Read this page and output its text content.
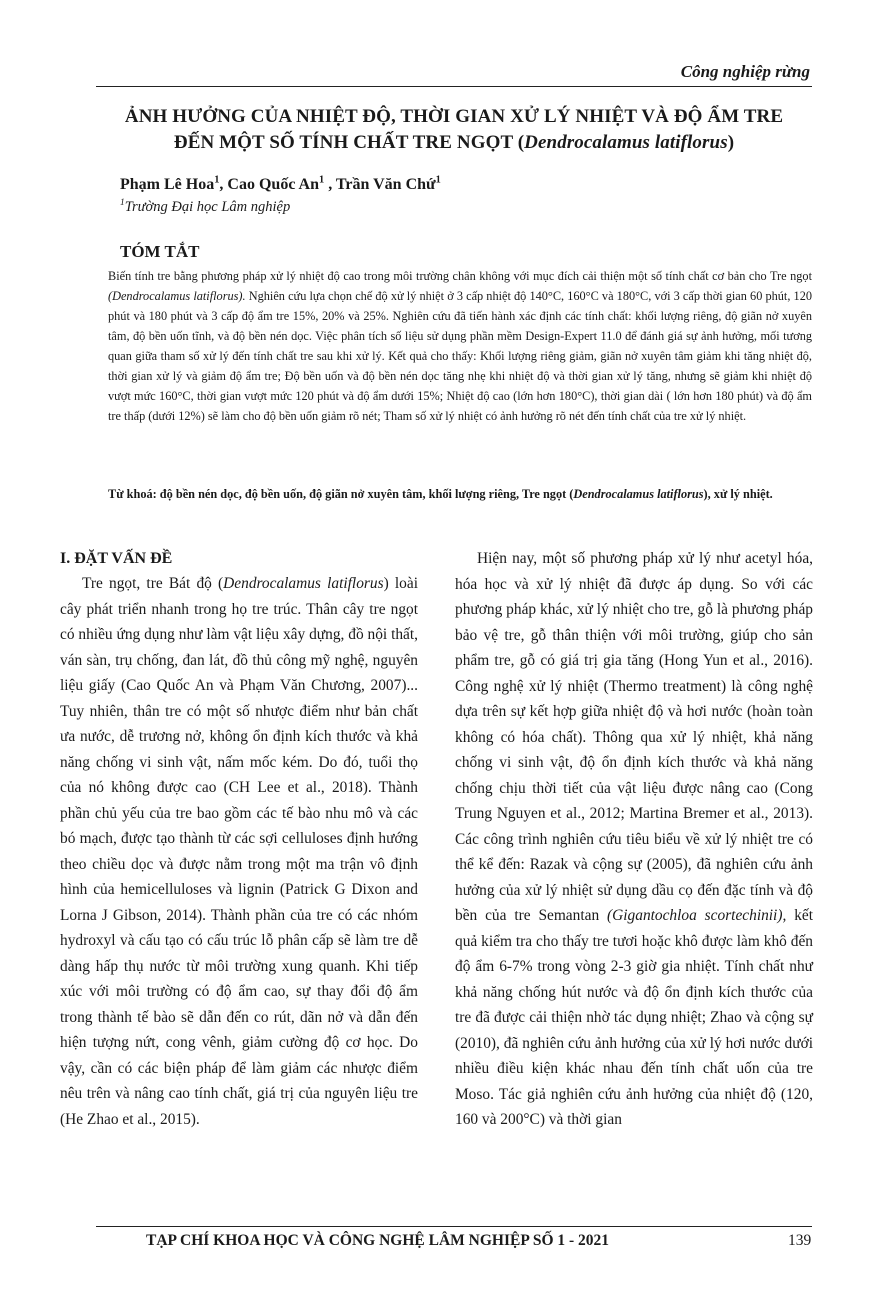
Công nghiệp rừng
ẢNH HƯỞNG CỦA NHIỆT ĐỘ, THỜI GIAN XỬ LÝ NHIỆT VÀ ĐỘ ẨM TRE
ĐẾN MỘT SỐ TÍNH CHẤT TRE NGỌT (Dendrocalamus latiflorus)
Phạm Lê Hoa$^1$, Cao Quốc An$^1$ , Trần Văn Chứ$^1$
$^1$Trường Đại học Lâm nghiệp
TÓM TẮT
Biến tính tre bằng phương pháp xử lý nhiệt độ cao trong môi trường chân không với mục đích cải thiện một số tính chất cơ bản cho Tre ngọt (Dendrocalamus latiflorus). Nghiên cứu lựa chọn chế độ xử lý nhiệt ở 3 cấp nhiệt độ 140°C, 160°C và 180°C, với 3 cấp thời gian 60 phút, 120 phút và 180 phút và 3 cấp độ ẩm tre 15%, 20% và 25%. Nghiên cứu đã tiến hành xác định các tính chất: khối lượng riêng, độ giãn nở xuyên tâm, độ bền uốn tĩnh, và độ bền nén dọc. Việc phân tích số liệu sử dụng phần mềm Design-Expert 11.0 để đánh giá sự ảnh hưởng, mối tương quan giữa tham số xử lý đến tính chất tre sau khi xử lý. Kết quả cho thấy: Khối lượng riêng giảm, giãn nở xuyên tâm giảm khi tăng nhiệt độ, thời gian xử lý và giảm độ ẩm tre; Độ bền uốn và độ bền nén dọc tăng nhẹ khi nhiệt độ và thời gian xử lý tăng, nhưng sẽ giảm khi nhiệt độ vượt mức 160°C, thời gian vượt mức 120 phút và độ ẩm dưới 15%; Nhiệt độ cao (lớn hơn 180°C), thời gian dài ( lớn hơn 180 phút) và độ ẩm tre thấp (dưới 12%) sẽ làm cho độ bền uốn giảm rõ nét; Tham số xử lý nhiệt có ảnh hưởng rõ nét đến tính chất của tre xử lý nhiệt.
Từ khoá: độ bền nén dọc, độ bền uốn, độ giãn nở xuyên tâm, khối lượng riêng, Tre ngọt (Dendrocalamus latiflorus), xử lý nhiệt.
I. ĐẶT VẤN ĐỀ

Tre ngọt, tre Bát độ (Dendrocalamus latiflorus) loài cây phát triển nhanh trong họ tre trúc. Thân cây tre ngọt có nhiều ứng dụng như làm vật liệu xây dựng, đồ nội thất, ván sàn, trụ chống, đan lát, đồ thủ công mỹ nghệ, nguyên liệu giấy (Cao Quốc An và Phạm Văn Chương, 2007)... Tuy nhiên, thân tre có một số nhược điểm như bản chất ưa nước, dễ trương nở, không ổn định kích thước và khả năng chống vi sinh vật, nấm mốc kém. Do đó, tuổi thọ của nó không được cao (CH Lee et al., 2018). Thành phần chủ yếu của tre bao gồm các tế bào nhu mô và các bó mạch, được tạo thành từ các sợi celluloses định hướng theo chiều dọc và được nằm trong một ma trận vô định hình của hemicelluloses và lignin (Patrick G Dixon and Lorna J Gibson, 2014). Thành phần của tre có các nhóm hydroxyl và cấu tạo có cấu trúc lỗ phân cấp sẽ làm tre dễ dàng hấp thụ nước từ môi trường xung quanh. Khi tiếp xúc với môi trường có độ ẩm cao, sự thay đổi độ ẩm trong thành tế bào sẽ dẫn đến co rút, dãn nở và dẫn đến hiện tượng nứt, cong vênh, giảm cường độ cơ học. Do vậy, cần có các biện pháp để làm giảm các nhược điểm nêu trên và nâng cao tính chất, giá trị của nguyên liệu tre (He Zhao et al., 2015).

Hiện nay, một số phương pháp xử lý như acetyl hóa, hóa học và xử lý nhiệt đã được áp dụng. So với các phương pháp khác, xử lý nhiệt cho tre, gỗ là phương pháp bảo vệ tre, gỗ thân thiện với môi trường, giúp cho sản phẩm tre, gỗ có giá trị gia tăng (Hong Yun et al., 2016). Công nghệ xử lý nhiệt (Thermo treatment) là công nghệ dựa trên sự kết hợp giữa nhiệt độ và hơi nước (hoàn toàn không có hóa chất). Thông qua xử lý nhiệt, khả năng chống vi sinh vật, độ ổn định kích thước và khả năng chống chịu thời tiết của vật liệu được nâng cao (Cong Trung Nguyen et al., 2012; Martina Bremer et al., 2013). Các công trình nghiên cứu tiêu biểu về xử lý nhiệt tre có thể kể đến: Razak và cộng sự (2005), đã nghiên cứu ảnh hưởng của xử lý nhiệt sử dụng dầu cọ đến đặc tính và độ bền của tre Semantan (Gigantochloa scortechinii), kết quả kiểm tra cho thấy tre tươi hoặc khô được làm khô đến độ ẩm 6-7% trong vòng 2-3 giờ gia nhiệt. Tính chất như khả năng chống hút nước và độ ổn định kích thước của tre đã được cải thiện nhờ tác dụng nhiệt; Zhao và cộng sự (2010), đã nghiên cứu ảnh hưởng của xử lý hơi nước dưới nhiều điều kiện khác nhau đến tính chất uốn của tre Moso. Tác giả nghiên cứu ảnh hưởng của nhiệt độ (120, 160 và 200°C) và thời gian

TẠP CHÍ KHOA HỌC VÀ CÔNG NGHỆ LÂM NGHIỆP SỐ 1 - 2021	139
